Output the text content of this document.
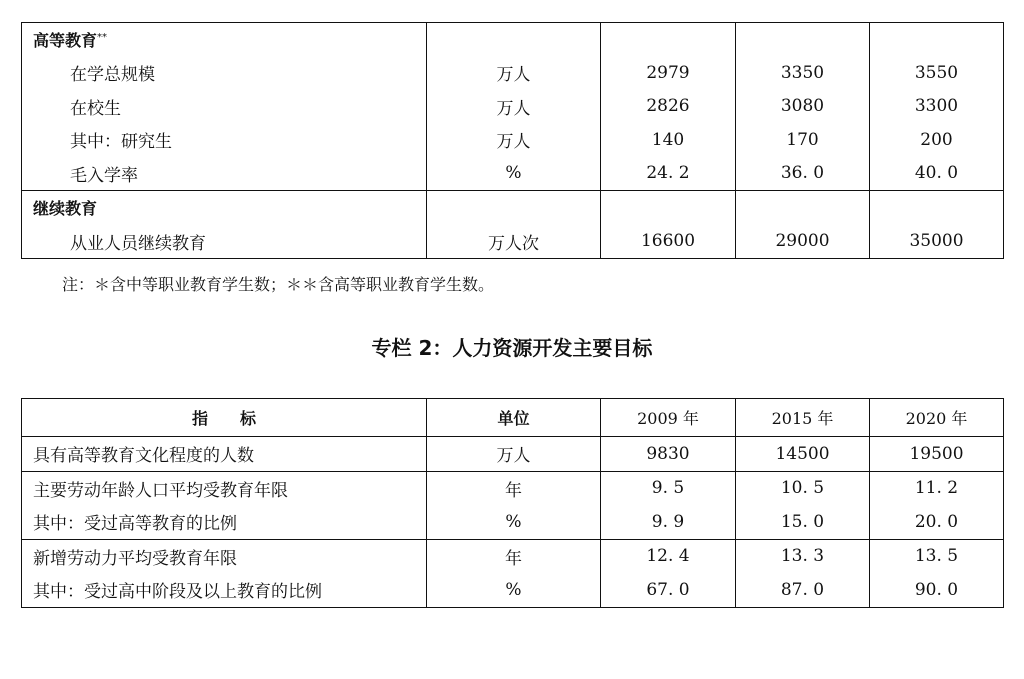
高等教育**				
在学总规模	万人	2979	3350	3550
在校生	万人	2826	3080	3300
其中：研究生	万人	140	170	200
毛入学率	%	24. 2	36. 0	40. 0
继续教育				
从业人员继续教育	万人次	16600	29000	35000

注：＊含中等职业教育学生数；＊＊含高等职业教育学生数。

专栏 2：人力资源开发主要目标
指　　标	单位	2009 年	2015 年	2020 年
具有高等教育文化程度的人数	万人	9830	14500	19500
主要劳动年龄人口平均受教育年限	年	9. 5	10. 5	11. 2
其中：受过高等教育的比例	%	9. 9	15. 0	20. 0
新增劳动力平均受教育年限	年	12. 4	13. 3	13. 5
其中：受过高中阶段及以上教育的比例	%	67. 0	87. 0	90. 0
